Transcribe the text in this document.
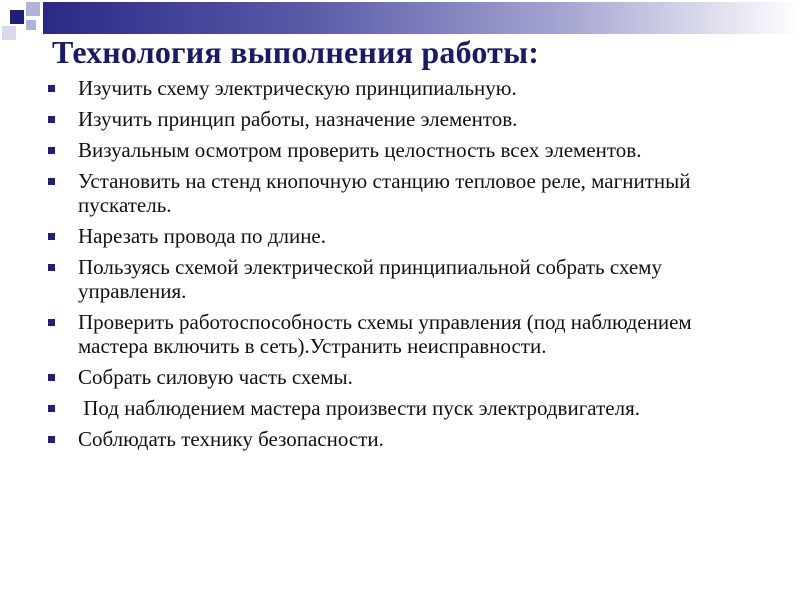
Технология выполнения работы:
Изучить схему электрическую принципиальную.
Изучить принцип работы, назначение элементов.
Визуальным осмотром проверить целостность всех элементов.
Установить на стенд кнопочную станцию тепловое реле, магнитный пускатель.
Нарезать провода по длине.
Пользуясь схемой электрической принципиальной собрать схему управления.
Проверить работоспособность схемы управления (под наблюдением мастера включить в сеть).Устранить неисправности.
Собрать силовую часть схемы.
Под наблюдением мастера произвести пуск электродвигателя.
Соблюдать технику безопасности.
